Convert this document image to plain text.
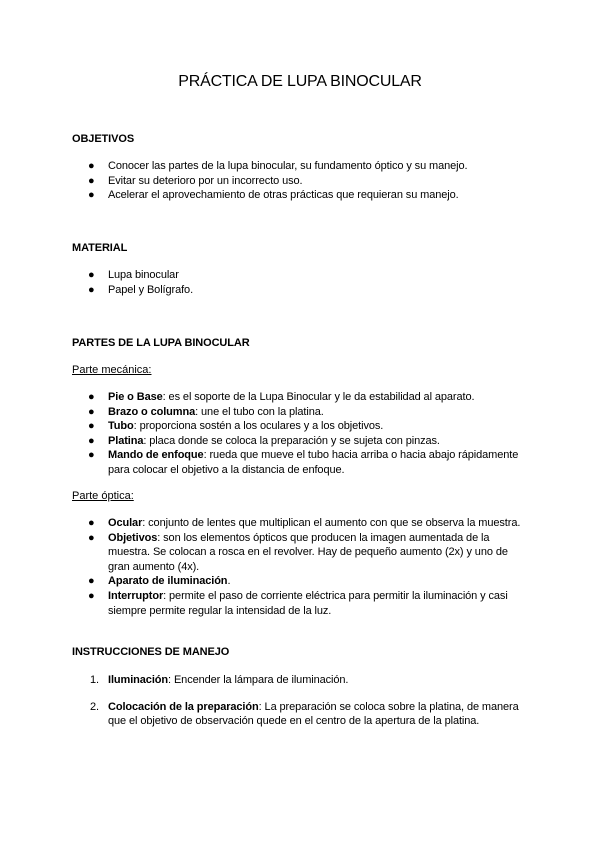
PRÁCTICA DE LUPA BINOCULAR

OBJETIVOS

● Conocer las partes de la lupa binocular, su fundamento óptico y su manejo.
● Evitar su deterioro por un incorrecto uso.
● Acelerar el aprovechamiento de otras prácticas que requieran su manejo.

MATERIAL

● Lupa binocular
● Papel y Bolígrafo.

PARTES DE LA LUPA BINOCULAR

Parte mecánica:

● Pie o Base: es el soporte de la Lupa Binocular y le da estabilidad al aparato.
● Brazo o columna: une el tubo con la platina.
● Tubo: proporciona sostén a los oculares y a los objetivos.
● Platina: placa donde se coloca la preparación y se sujeta con pinzas.
● Mando de enfoque: rueda que mueve el tubo hacia arriba o hacia abajo rápidamente para colocar el objetivo a la distancia de enfoque.

Parte óptica:

● Ocular: conjunto de lentes que multiplican el aumento con que se observa la muestra.
● Objetivos: son los elementos ópticos que producen la imagen aumentada de la muestra. Se colocan a rosca en el revolver. Hay de pequeño aumento (2x) y uno de gran aumento (4x).
● Aparato de iluminación.
● Interruptor: permite el paso de corriente eléctrica para permitir la iluminación y casi siempre permite regular la intensidad de la luz.

INSTRUCCIONES DE MANEJO

1. Iluminación: Encender la lámpara de iluminación.
2. Colocación de la preparación: La preparación se coloca sobre la platina, de manera que el objetivo de observación quede en el centro de la apertura de la platina.
